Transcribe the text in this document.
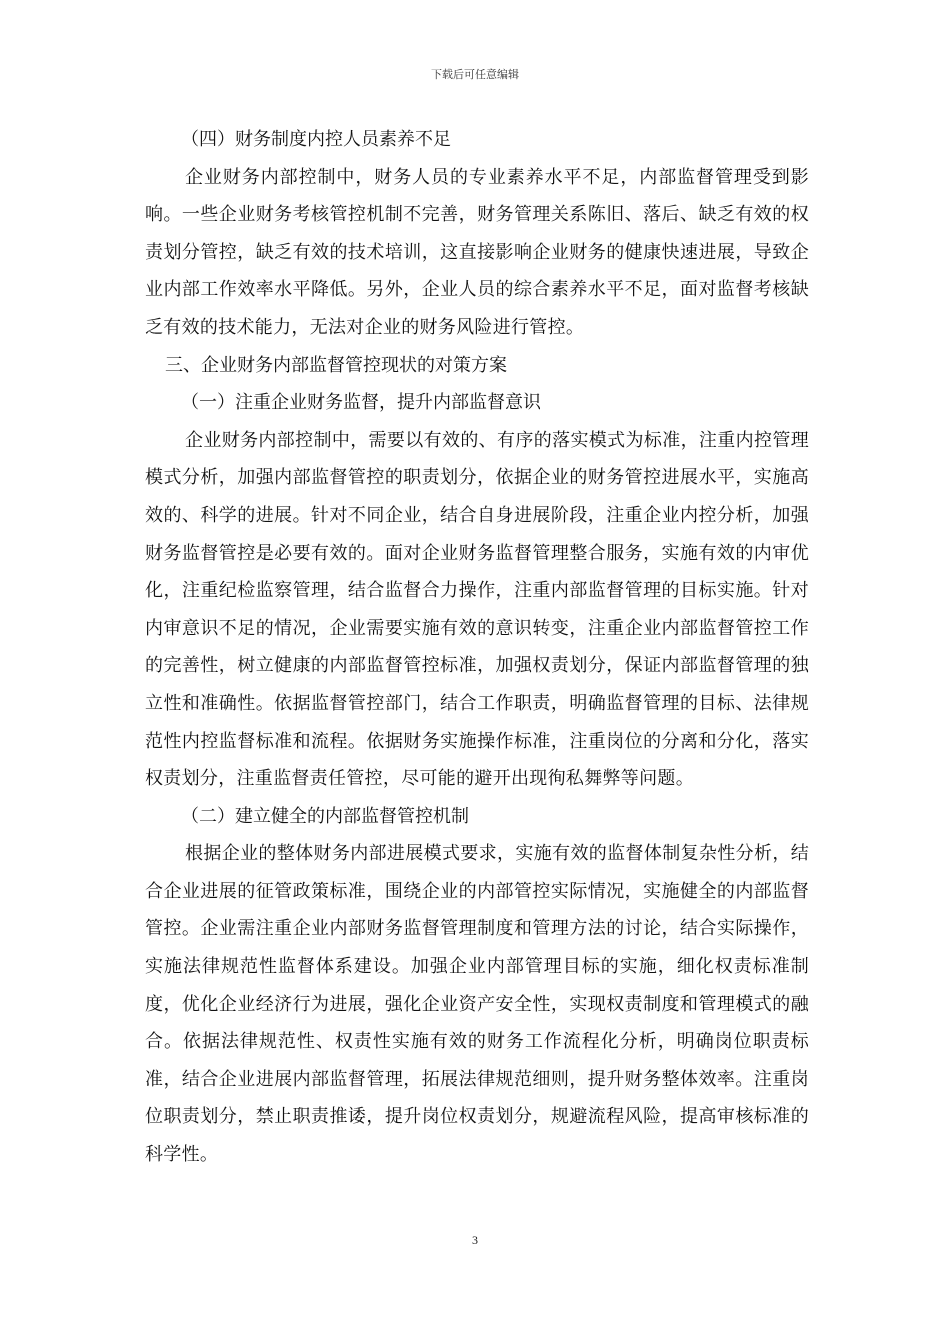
下载后可任意编辑

（四）财务制度内控人员素养不足

企业财务内部控制中，财务人员的专业素养水平不足，内部监督管理受到影响。一些企业财务考核管控机制不完善，财务管理关系陈旧、落后、缺乏有效的权责划分管控，缺乏有效的技术培训，这直接影响企业财务的健康快速进展，导致企业内部工作效率水平降低。另外，企业人员的综合素养水平不足，面对监督考核缺乏有效的技术能力，无法对企业的财务风险进行管控。

三、企业财务内部监督管控现状的对策方案

（一）注重企业财务监督，提升内部监督意识

企业财务内部控制中，需要以有效的、有序的落实模式为标准，注重内控管理模式分析，加强内部监督管控的职责划分，依据企业的财务管控进展水平，实施高效的、科学的进展。针对不同企业，结合自身进展阶段，注重企业内控分析，加强财务监督管控是必要有效的。面对企业财务监督管理整合服务，实施有效的内审优化，注重纪检监察管理，结合监督合力操作，注重内部监督管理的目标实施。针对内审意识不足的情况，企业需要实施有效的意识转变，注重企业内部监督管控工作的完善性，树立健康的内部监督管控标准，加强权责划分，保证内部监督管理的独立性和准确性。依据监督管控部门，结合工作职责，明确监督管理的目标、法律规范性内控监督标准和流程。依据财务实施操作标准，注重岗位的分离和分化，落实权责划分，注重监督责任管控，尽可能的避开出现徇私舞弊等问题。

（二）建立健全的内部监督管控机制

根据企业的整体财务内部进展模式要求，实施有效的监督体制复杂性分析，结合企业进展的征管政策标准，围绕企业的内部管控实际情况，实施健全的内部监督管控。企业需注重企业内部财务监督管理制度和管理方法的讨论，结合实际操作，实施法律规范性监督体系建设。加强企业内部管理目标的实施，细化权责标准制度，优化企业经济行为进展，强化企业资产安全性，实现权责制度和管理模式的融合。依据法律规范性、权责性实施有效的财务工作流程化分析，明确岗位职责标准，结合企业进展内部监督管理，拓展法律规范细则，提升财务整体效率。注重岗位职责划分，禁止职责推诿，提升岗位权责划分，规避流程风险，提高审核标准的科学性。

3
